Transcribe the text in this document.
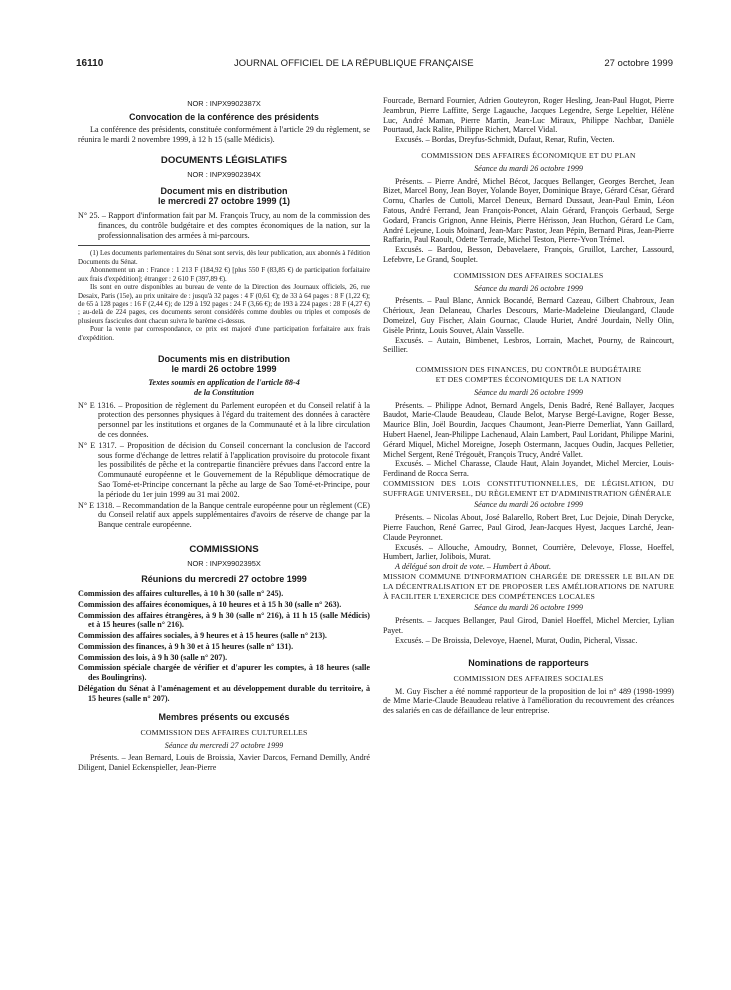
16110	JOURNAL OFFICIEL DE LA RÉPUBLIQUE FRANÇAISE	27 octobre 1999
NOR : INPX9902387X
Convocation de la conférence des présidents

La conférence des présidents, constituée conformément à l'article 29 du règlement, se réunira le mardi 2 novembre 1999, à 12 h 15 (salle Médicis).

DOCUMENTS LÉGISLATIFS
NOR : INPX9902394X
Document mis en distribution
le mercredi 27 octobre 1999 (1)

N° 25. – Rapport d'information fait par M. François Trucy, au nom de la commission des finances, du contrôle budgétaire et des comptes économiques de la nation, sur la professionnalisation des armées à mi-parcours.

(1) Les documents parlementaires du Sénat sont servis, dès leur publication, aux abonnés à l'édition Documents du Sénat.

Abonnement un an : France : 1 213 F (184,92 €) [plus 550 F (83,85 €) de participation forfaitaire aux frais d'expédition]; étranger : 2 610 F (397,89 €).

Ils sont en outre disponibles au bureau de vente de la Direction des Journaux officiels, 26, rue Desaix, Paris (15e), au prix unitaire de : jusqu'à 32 pages : 4 F (0,61 €); de 33 à 64 pages : 8 F (1,22 €); de 65 à 128 pages : 16 F (2,44 €); de 129 à 192 pages : 24 F (3,66 €); de 193 à 224 pages : 28 F (4,27 €) ; au-delà de 224 pages, ces documents seront considérés comme doubles ou triples et composés de plusieurs fascicules dont chacun suivra le barème ci-dessus.

Pour la vente par correspondance, ce prix est majoré d'une participation forfaitaire aux frais d'expédition.

Documents mis en distribution
le mardi 26 octobre 1999
Textes soumis en application de l'article 88-4
de la Constitution

N° E 1316. – Proposition de règlement du Parlement européen et du Conseil relatif à la protection des personnes physiques à l'égard du traitement des données à caractère personnel par les institutions et organes de la Communauté et à la libre circulation de ces données.

N° E 1317. – Proposition de décision du Conseil concernant la conclusion de l'accord sous forme d'échange de lettres relatif à l'application provisoire du protocole fixant les possibilités de pêche et la contrepartie financière prévues dans l'accord entre la Communauté européenne et le Gouvernement de la République démocratique de Sao Tomé-et-Principe concernant la pêche au large de Sao Tomé-et-Principe, pour la période du 1er juin 1999 au 31 mai 2002.

N° E 1318. – Recommandation de la Banque centrale européenne pour un règlement (CE) du Conseil relatif aux appels supplémentaires d'avoirs de réserve de change par la Banque centrale européenne.

COMMISSIONS
NOR : INPX9902395X
Réunions du mercredi 27 octobre 1999

Commission des affaires culturelles, à 10 h 30 (salle n° 245).

Commission des affaires économiques, à 10 heures et à 15 h 30 (salle n° 263).

Commission des affaires étrangères, à 9 h 30 (salle n° 216), à 11 h 15 (salle Médicis) et à 15 heures (salle n° 216).

Commission des affaires sociales, à 9 heures et à 15 heures (salle n° 213).

Commission des finances, à 9 h 30 et à 15 heures (salle n° 131).

Commission des lois, à 9 h 30 (salle n° 207).

Commission spéciale chargée de vérifier et d'apurer les comptes, à 18 heures (salle des Boulingrins).

Délégation du Sénat à l'aménagement et au développement durable du territoire, à 15 heures (salle n° 207).

Membres présents ou excusés
COMMISSION DES AFFAIRES CULTURELLES
Séance du mercredi 27 octobre 1999

Présents. – Jean Bernard, Louis de Broissia, Xavier Darcos, Fernand Demilly, André Diligent, Daniel Eckenspieller, Jean-Pierre

Fourcade, Bernard Fournier, Adrien Gouteyron, Roger Hesling, Jean-Paul Hugot, Pierre Jeambrun, Pierre Laffitte, Serge Lagauche, Jacques Legendre, Serge Lepeltier, Hélène Luc, André Maman, Pierre Martin, Jean-Luc Miraux, Philippe Nachbar, Danièle Pourtaud, Jack Ralite, Philippe Richert, Marcel Vidal.

Excusés. – Bordas, Dreyfus-Schmidt, Dufaut, Renar, Rufin, Vecten.

COMMISSION DES AFFAIRES ÉCONOMIQUE ET DU PLAN
Séance du mardi 26 octobre 1999

Présents. – Pierre André, Michel Bécot, Jacques Bellanger, Georges Berchet, Jean Bizet, Marcel Bony, Jean Boyer, Yolande Boyer, Dominique Braye, Gérard César, Gérard Cornu, Charles de Cuttoli, Marcel Deneux, Bernard Dussaut, Jean-Paul Emin, Léon Fatous, André Ferrand, Jean François-Poncet, Alain Gérard, François Gerbaud, Serge Godard, Francis Grignon, Anne Heinis, Pierre Hérisson, Jean Huchon, Gérard Le Cam, André Lejeune, Louis Moinard, Jean-Marc Pastor, Jean Pépin, Bernard Piras, Jean-Pierre Raffarin, Paul Raoult, Odette Terrade, Michel Teston, Pierre-Yvon Trémel.

Excusés. – Bardou, Besson, Debavelaere, François, Gruillot, Larcher, Lassourd, Lefebvre, Le Grand, Souplet.

COMMISSION DES AFFAIRES SOCIALES
Séance du mardi 26 octobre 1999

Présents. – Paul Blanc, Annick Bocandé, Bernard Cazeau, Gilbert Chabroux, Jean Chérioux, Jean Delaneau, Charles Descours, Marie-Madeleine Dieulangard, Claude Domeizel, Guy Fischer, Alain Gournac, Claude Huriet, André Jourdain, Nelly Olin, Gisèle Printz, Louis Souvet, Alain Vasselle.

Excusés. – Autain, Bimbenet, Lesbros, Lorrain, Machet, Pourny, de Raincourt, Seillier.

COMMISSION DES FINANCES, DU CONTRÔLE BUDGÉTAIRE
ET DES COMPTES ÉCONOMIQUES DE LA NATION
Séance du mardi 26 octobre 1999

Présents. – Philippe Adnot, Bernard Angels, Denis Badré, René Ballayer, Jacques Baudot, Marie-Claude Beaudeau, Claude Belot, Maryse Bergé-Lavigne, Roger Besse, Maurice Blin, Joël Bourdin, Jacques Chaumont, Jean-Pierre Demerliat, Yann Gaillard, Hubert Haenel, Jean-Philippe Lachenaud, Alain Lambert, Paul Loridant, Philippe Marini, Gérard Miquel, Michel Moreigne, Joseph Ostermann, Jacques Oudin, Jacques Pelletier, Michel Sergent, René Trégouët, François Trucy, André Vallet.

Excusés. – Michel Charasse, Claude Haut, Alain Joyandet, Michel Mercier, Louis-Ferdinand de Rocca Serra.

COMMISSION DES LOIS CONSTITUTIONNELLES, DE LÉGISLATION, DU SUFFRAGE UNIVERSEL, DU RÈGLEMENT ET D'ADMINISTRATION GÉNÉRALE

Séance du mardi 26 octobre 1999

Présents. – Nicolas About, José Balarello, Robert Bret, Luc Dejoie, Dinah Derycke, Pierre Fauchon, René Garrec, Paul Girod, Jean-Jacques Hyest, Jacques Larché, Jean-Claude Peyronnet.

Excusés. – Allouche, Amoudry, Bonnet, Courrière, Delevoye, Flosse, Hoeffel, Humbert, Jarlier, Jolibois, Murat.

A délégué son droit de vote. – Humbert à About.

MISSION COMMUNE D'INFORMATION CHARGÉE DE DRESSER LE BILAN DE LA DÉCENTRALISATION ET DE PROPOSER LES AMÉLIORATIONS DE NATURE À FACILITER L'EXERCICE DES COMPÉTENCES LOCALES

Séance du mardi 26 octobre 1999

Présents. – Jacques Bellanger, Paul Girod, Daniel Hoeffel, Michel Mercier, Lylian Payet.

Excusés. – De Broissia, Delevoye, Haenel, Murat, Oudin, Picheral, Vissac.

Nominations de rapporteurs
COMMISSION DES AFFAIRES SOCIALES

M. Guy Fischer a été nommé rapporteur de la proposition de loi n° 489 (1998-1999) de Mme Marie-Claude Beaudeau relative à l'amélioration du recouvrement des créances des salariés en cas de défaillance de leur entreprise.
